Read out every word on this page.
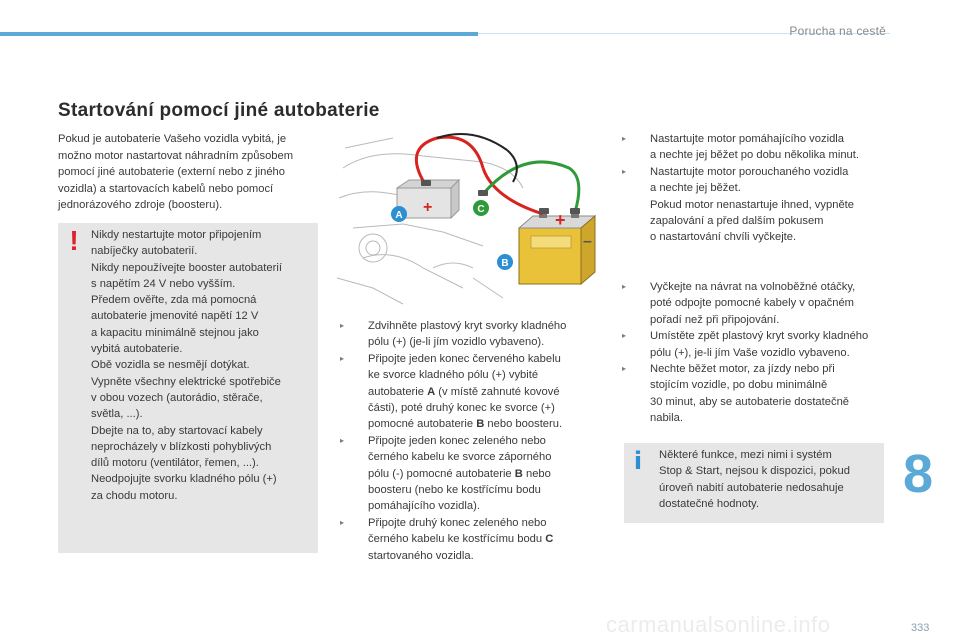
Porucha na cestě
Startování pomocí jiné autobaterie

Pokud je autobaterie Vašeho vozidla vybitá, je možno motor nastartovat náhradním způsobem pomocí jiné autobaterie (externí nebo z jiného vozidla) a startovacích kabelů nebo pomocí jednorázového zdroje (boosteru).

!	Nikdy nestartujte motor připojením
nabíječky autobaterií.
Nikdy nepoužívejte booster autobaterií
s napětím 24 V nebo vyšším.
Předem ověřte, zda má pomocná
autobaterie jmenovité napětí 12 V
a kapacitu minimálně stejnou jako
vybitá autobaterie.
Obě vozidla se nesmějí dotýkat.
Vypněte všechny elektrické spotřebiče
v obou vozech (autorádio, stěrače,
světla, ...).
Dbejte na to, aby startovací kabely
neprocházely v blízkosti pohyblivých
dílů motoru (ventilátor, řemen, ...).
Neodpojujte svorku kladného pólu (+)
za chodu motoru.
+
+
–
A
C
B
▸	Zdvihněte plastový kryt svorky kladného
pólu (+) (je-li jím vozidlo vybaveno).
▸	Připojte jeden konec červeného kabelu
ke svorce kladného pólu (+) vybité
autobaterie A (v místě zahnuté kovové
části), poté druhý konec ke svorce (+)
pomocné autobaterie B nebo boosteru.
▸	Připojte jeden konec zeleného nebo
černého kabelu ke svorce záporného
pólu (-) pomocné autobaterie B nebo
boosteru (nebo ke kostřícímu bodu
pomáhajícího vozidla).
▸	Připojte druhý konec zeleného nebo
černého kabelu ke kostřícímu bodu C
startovaného vozidla.
▸	Nastartujte motor pomáhajícího vozidla
a nechte jej běžet po dobu několika minut.
▸	Nastartujte motor porouchaného vozidla
a nechte jej běžet.
Pokud motor nenastartuje ihned, vypněte
zapalování a před dalším pokusem
o nastartování chvíli vyčkejte.
▸	Vyčkejte na návrat na volnoběžné otáčky,
poté odpojte pomocné kabely v opačném
pořadí než při připojování.
▸	Umístěte zpět plastový kryt svorky kladného
pólu (+), je-li jím Vaše vozidlo vybaveno.
▸	Nechte běžet motor, za jízdy nebo při
stojícím vozidle, po dobu minimálně
30 minut, aby se autobaterie dostatečně
nabila.
i	Některé funkce, mezi nimi i systém
Stop & Start, nejsou k dispozici, pokud
úroveň nabití autobaterie nedosahuje
dostatečné hodnoty.
8
carmanualsonline.info	333
